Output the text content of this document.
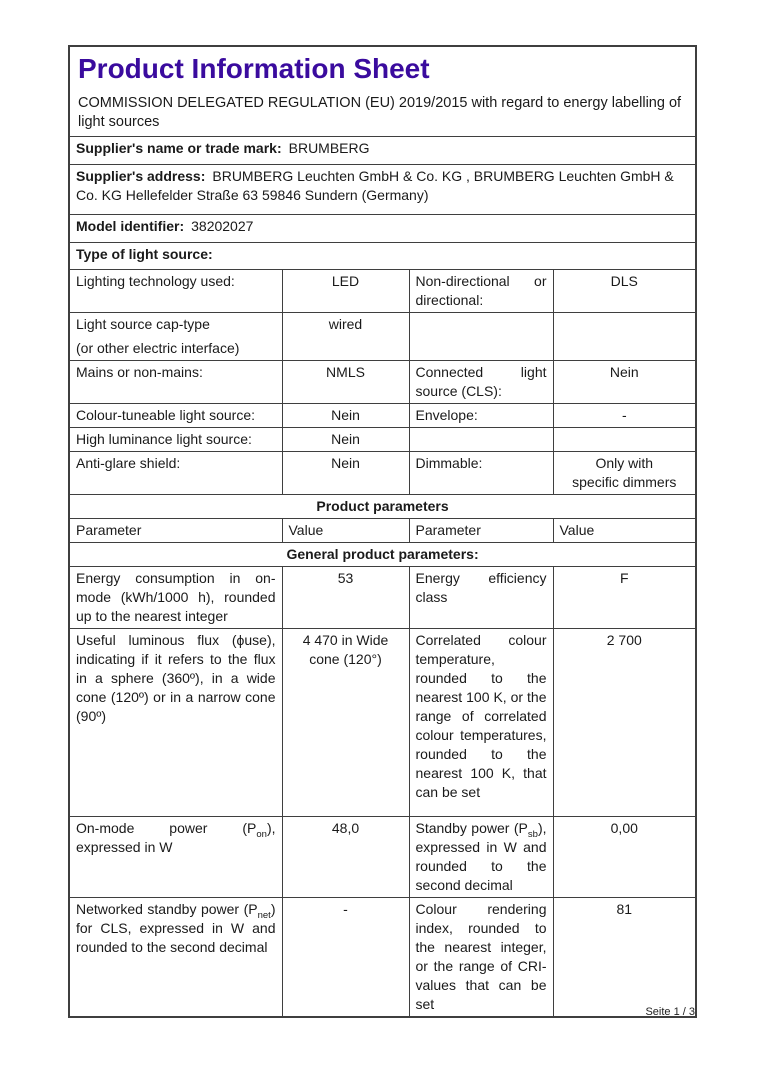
Product Information Sheet

COMMISSION DELEGATED REGULATION (EU) 2019/2015 with regard to energy labelling of light sources

Supplier's name or trade mark: BRUMBERG			
Supplier's address: BRUMBERG Leuchten GmbH & Co. KG , BRUMBERG Leuchten GmbH & Co. KG Hellefelder Straße 63 59846 Sundern (Germany)			
Model identifier: 38202027			
Type of light source:			
Lighting technology used:	LED	Non-directional or directional:	DLS

Light source cap-type
(or other electric interface)	wired		
Mains or non-mains:	NMLS	Connected light source (CLS):	Nein
Colour-tuneable light source:	Nein	Envelope:	-
High luminance light source:	Nein		
Anti-glare shield:	Nein	Dimmable:	Only with
specific dimmers

Product parameters			
Parameter	Value	Parameter	Value
General product parameters:			
Energy consumption in on-mode (kWh/1000 h), rounded up to the nearest integer	53	Energy efficiency class	F
Useful luminous flux (ϕuse), indicating if it refers to the flux in a sphere (360º), in a wide cone (120º) or in a narrow cone (90º)	4 470 in Wide
cone (120°)	Correlated colour temperature, rounded to the nearest 100 K, or the range of correlated colour temperatures, rounded to the nearest 100 K, that can be set	2 700
On-mode power $(P_{on})$, expressed in W	48,0	Standby power $(P_{sb})$, expressed in W and rounded to the second decimal	0,00
Networked standby power $(P_{net})$ for CLS, expressed in W and rounded to the second decimal	-	Colour rendering index, rounded to the nearest integer, or the range of CRI-values that can be set	81
Seite 1 / 3
